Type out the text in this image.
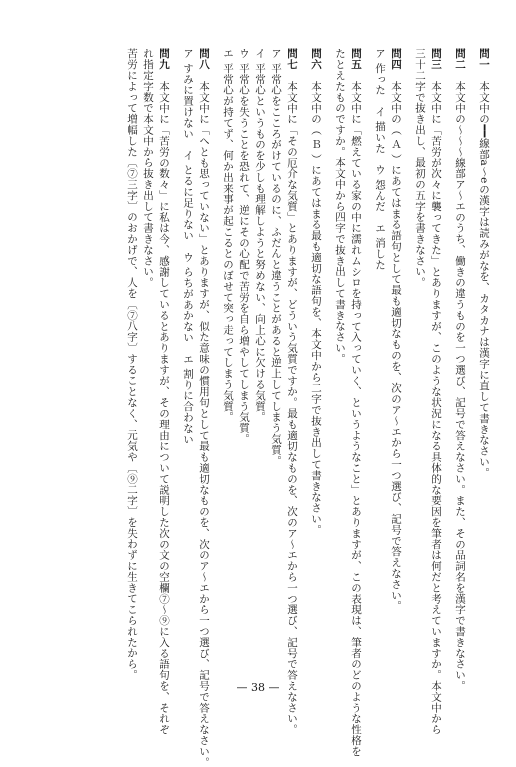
問一　本文中の━━線部a〜eの漢字は読みがなを、カタカナは漢字に直して書きなさい。
問二　本文中の〜〜〜線部ア〜エのうち、働きの違うものを一つ選び、記号で答えなさい。また、その品詞名を漢字で書きなさい。
問三　本文中に「苦労が次々に襲ってきた」とありますが、このような状況になる具体的な要因を筆者は何だと考えていますか。本文中から
三十二字で抜き出し、最初の五字を書きなさい。
問四　本文中の（ Ａ ）にあてはまる語句として最も適切なものを、次のア〜エから一つ選び、記号で答えなさい。
ア 作った　イ 描いた　ウ 怨んだ　エ 消した
問五　本文中に「燃えている家の中に濡れムシロを持って入っていく、というようなこと」とありますが、この表現は、筆者のどのような性格を
たとえたものですか。本文中から四字で抜き出して書きなさい。
問六　本文中の（ Ｂ ）にあてはまる最も適切な語句を、本文中から二字で抜き出して書きなさい。
問七　本文中に「その厄介な気質」とありますが、どういう気質ですか。最も適切なものを、次のア〜エから一つ選び、記号で答えなさい。
ア 平常心をこころがけているのに、ふだんと違うことがあると逆上してしまう気質。
イ 平常心というものを少しも理解しようと努めない、向上心に欠ける気質。
ウ 平常心を失うことを恐れて、逆にその心配で苦労を自ら増やしてしまう気質。
エ 平常心が持てず、何か出来事が起こるとのぼせて突っ走ってしまう気質。
問八　本文中に「へとも思っていない」とありますが、似た意味の慣用句として最も適切なものを、次のア〜エから一つ選び、記号で答えなさい。
ア すみに置けない　イ とるに足りない　ウ らちがあかない　エ 割りに合わない
問九　本文中に「苦労の数々」に私は今、感謝しているとありますが、その理由について説明した次の文の空欄⑦〜⑨に入る語句を、それぞ
れ指定字数で本文中から抜き出して書きなさい。
苦労によって増幅した〔⑦三字〕のおかげで、人を〔⑦八字〕することなく、元気や〔⑨二字〕を失わずに生きてこられたから。
— 38 —
